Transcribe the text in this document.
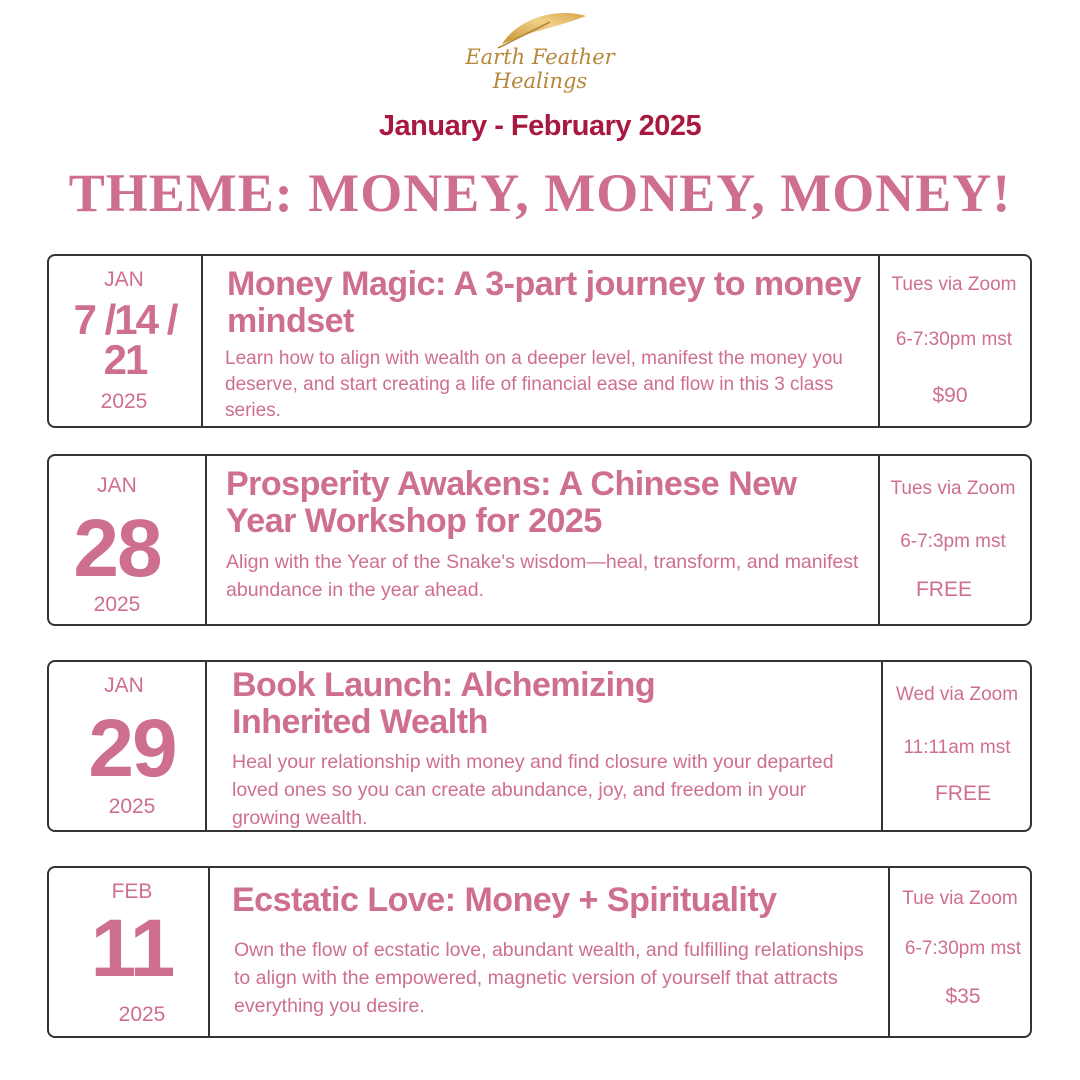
Earth Feather
Healings
January - February 2025
THEME: MONEY, MONEY, MONEY!
JAN
7 /14 / 21
2025
Money Magic: A 3-part journey to money mindset
Learn how to align with wealth on a deeper level, manifest the money you deserve, and start creating a life of financial ease and flow in this 3 class series.
Tues via Zoom
6-7:30pm mst
$90
JAN
28
2025
Prosperity Awakens: A Chinese New Year Workshop for 2025
Align with the Year of the Snake's wisdom—heal, transform, and manifest abundance in the year ahead.
Tues via Zoom
6-7:3pm mst
FREE
JAN
29
2025
Book Launch: Alchemizing Inherited Wealth
Heal your relationship with money and find closure with your departed loved ones so you can create abundance, joy, and freedom in your growing wealth.
Wed via Zoom
11:11am mst
FREE
FEB
11
2025
Ecstatic Love: Money + Spirituality
Own the flow of ecstatic love, abundant wealth, and fulfilling relationships to align with the empowered, magnetic version of yourself that attracts everything you desire.
Tue via Zoom
6-7:30pm mst
$35
